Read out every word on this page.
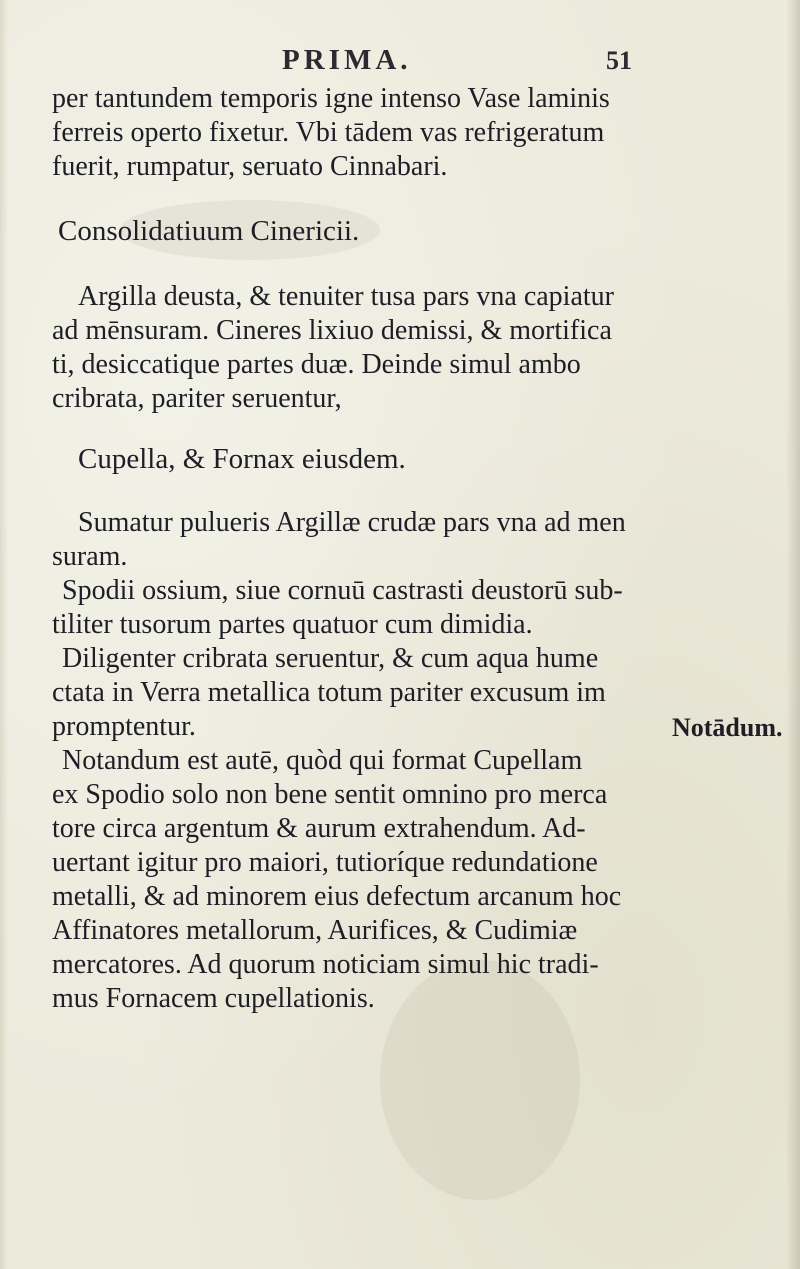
PRIMA.	51
per tantundem temporis igne intenso Vase laminis
ferreis operto fixetur. Vbi tādem vas refrigeratum
fuerit, rumpatur, seruato Cinnabari.
Consolidatiuum Cinericii.
Argilla deusta, & tenuiter tusa pars vna capiatur
ad mēnsuram. Cineres lixiuo demissi, & mortifica
ti, desiccatique partes duæ. Deinde simul ambo
cribrata, pariter seruentur,
Cupella, & Fornax eiusdem.
Sumatur pulueris Argillæ crudæ pars vna ad men
suram.
Spodii ossium, siue cornuū castrasti deustorū sub-
tiliter tusorum partes quatuor cum dimidia.
Diligenter cribrata seruentur, & cum aqua hume
ctata in Verra metallica totum pariter excusum im
promptentur.
Notandum est autē, quòd qui format Cupellam
ex Spodio solo non bene sentit omnino pro merca
tore circa argentum & aurum extrahendum. Ad-
uertant igitur pro maiori, tutioríque redundatione
metalli, & ad minorem eius defectum arcanum hoc
Affinatores metallorum, Aurifices, & Cudimiæ
mercatores. Ad quorum noticiam simul hic tradi-
mus Fornacem cupellationis.
Notādum.
